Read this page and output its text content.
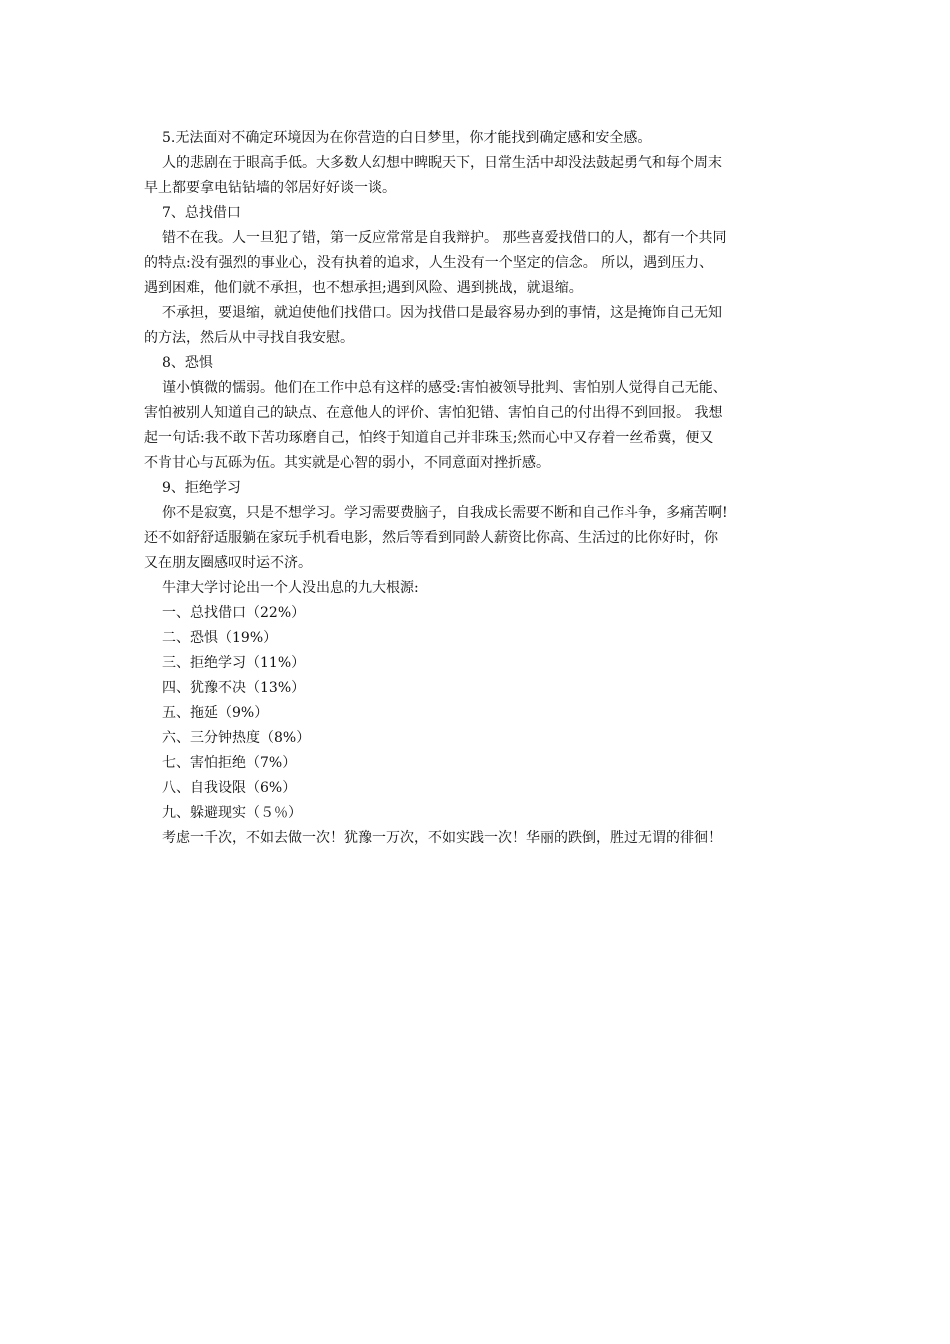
5.无法面对不确定环境因为在你营造的白日梦里，你才能找到确定感和安全感。
人的悲剧在于眼高手低。大多数人幻想中睥睨天下，日常生活中却没法鼓起勇气和每个周末
早上都要拿电钻钻墙的邻居好好谈一谈。
7、总找借口
错不在我。人一旦犯了错，第一反应常常是自我辩护。 那些喜爱找借口的人，都有一个共同
的特点:没有强烈的事业心，没有执着的追求，人生没有一个坚定的信念。 所以，遇到压力、
遇到困难，他们就不承担，也不想承担;遇到风险、遇到挑战，就退缩。
不承担，要退缩，就迫使他们找借口。因为找借口是最容易办到的事情，这是掩饰自己无知
的方法，然后从中寻找自我安慰。
8、恐惧
谨小慎微的懦弱。他们在工作中总有这样的感受:害怕被领导批判、害怕别人觉得自己无能、
害怕被别人知道自己的缺点、在意他人的评价、害怕犯错、害怕自己的付出得不到回报。 我想
起一句话:我不敢下苦功琢磨自己，怕终于知道自己并非珠玉;然而心中又存着一丝希冀，便又
不肯甘心与瓦砾为伍。其实就是心智的弱小，不同意面对挫折感。
9、拒绝学习
你不是寂寞，只是不想学习。学习需要费脑子，自我成长需要不断和自己作斗争，多痛苦啊!
还不如舒舒适服躺在家玩手机看电影，然后等看到同龄人薪资比你高、生活过的比你好时，你
又在朋友圈感叹时运不济。
牛津大学讨论出一个人没出息的九大根源:
一、总找借口（22%）
二、恐惧（19%）
三、拒绝学习（11%）
四、犹豫不决（13%）
五、拖延（9%）
六、三分钟热度（8%）
七、害怕拒绝（7%）
八、自我设限（6%）
九、躲避现实（５％）
考虑一千次，不如去做一次！犹豫一万次，不如实践一次！华丽的跌倒，胜过无谓的徘徊！
